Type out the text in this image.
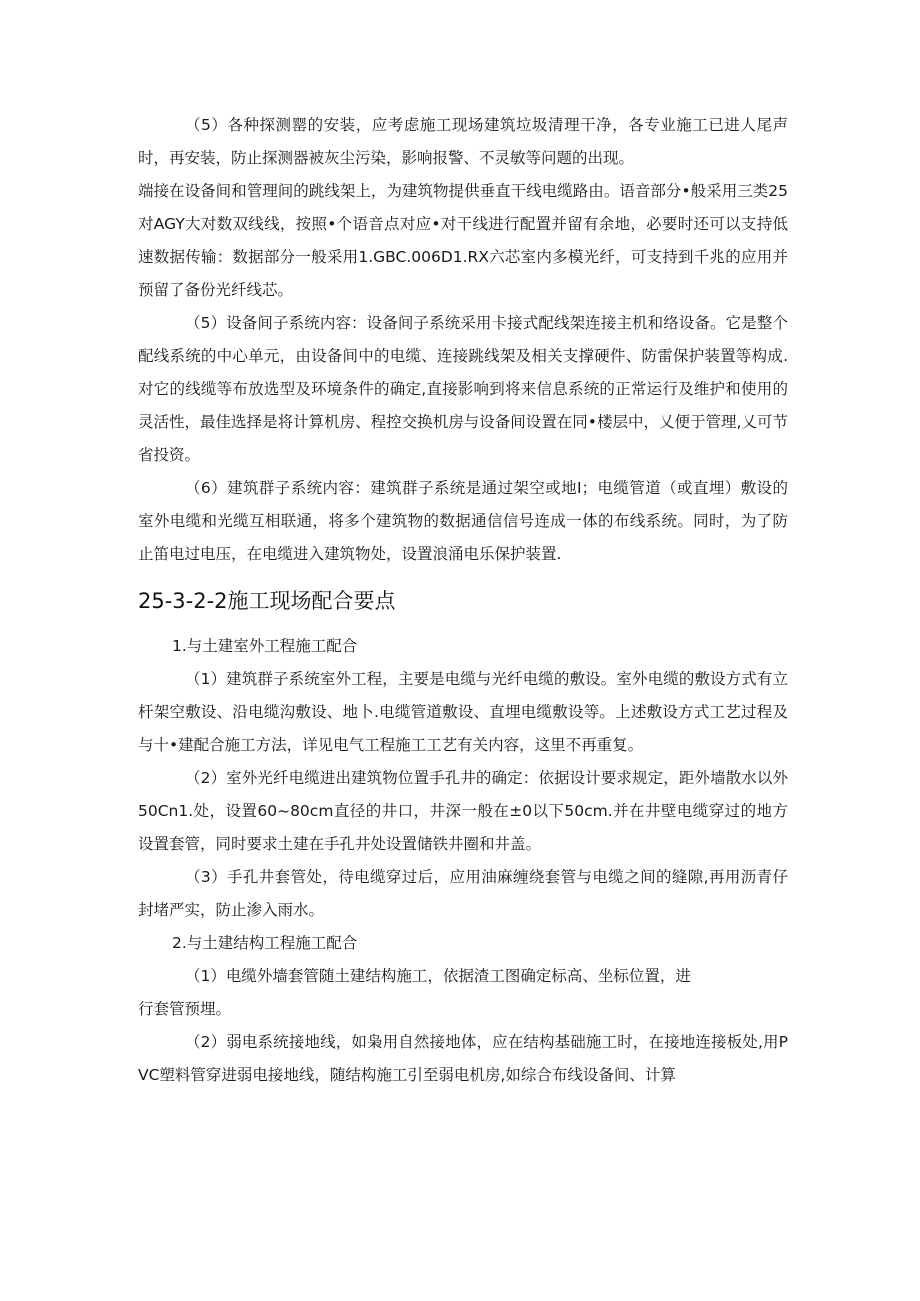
（5）各种探测罂的安装，应考虑施工现场建筑垃圾清理干净，各专业施工已进人尾声时，再安装，防止探测器被灰尘污染，影响报警、不灵敏等问题的出现。

端接在设备间和管理间的跳线架上，为建筑物提供垂直干线电缆路由。语音部分•般采用三类25对AGY大对数双线线，按照•个语音点对应•对干线进行配置并留有余地，必要时还可以支持低速数据传输：数据部分一般采用1.GBC.006D1.RX六芯室内多模光纤，可支持到千兆的应用并预留了备份光纤线芯。

（5）设备间子系统内容：设备间子系统采用卡接式配线架连接主机和络设备。它是整个配线系统的中心单元，由设备间中的电缆、连接跳线架及相关支撑硬件、防雷保护装置等构成.对它的线缆等布放选型及环境条件的确定,直接影响到将来信息系统的正常运行及维护和使用的灵活性，最佳选择是将计算机房、程控交换机房与设备间设置在同•楼层中，乂便于管理,乂可节省投资。

（6）建筑群子系统内容：建筑群子系统是通过架空或地I；电缆管道（或直埋）敷设的室外电缆和光缆互相联通，将多个建筑物的数据通信信号连成一体的布线系统。同时，为了防止笛电过电压，在电缆进入建筑物处，设置浪涌电乐保护装置.

25-3-2-2施工现场配合要点

1.与土建室外工程施工配合

（1）建筑群子系统室外工程，主要是电缆与光纤电缆的敷设。室外电缆的敷设方式有立杆架空敷设、沿电缆沟敷设、地卜.电缆管道敷设、直埋电缆敷设等。上述敷设方式工艺过程及与十•建配合施工方法，详见电气工程施工工艺有关内容，这里不再重复。

（2）室外光纤电缆进出建筑物位置手孔井的确定：依据设计要求规定，距外墙散水以外50Cn1.处，设置60~80cm直径的井口，井深一般在±0以下50cm.并在井壁电缆穿过的地方设置套管，同时要求土建在手孔井处设置储铁井圈和井盖。

（3）手孔井套管处，待电缆穿过后，应用油麻缠绕套管与电缆之间的缝隙,再用沥青仔封堵严实，防止渗入雨水。

2.与土建结构工程施工配合

（1）电缆外墙套管随土建结构施工，依据渣工图确定标高、坐标位置，进

行套管预埋。

（2）弱电系统接地线，如枭用自然接地体，应在结构基础施工时，在接地连接板处,用PVC塑料管穿进弱电接地线，随结构施工引至弱电机房,如综合布线设备间、计算
